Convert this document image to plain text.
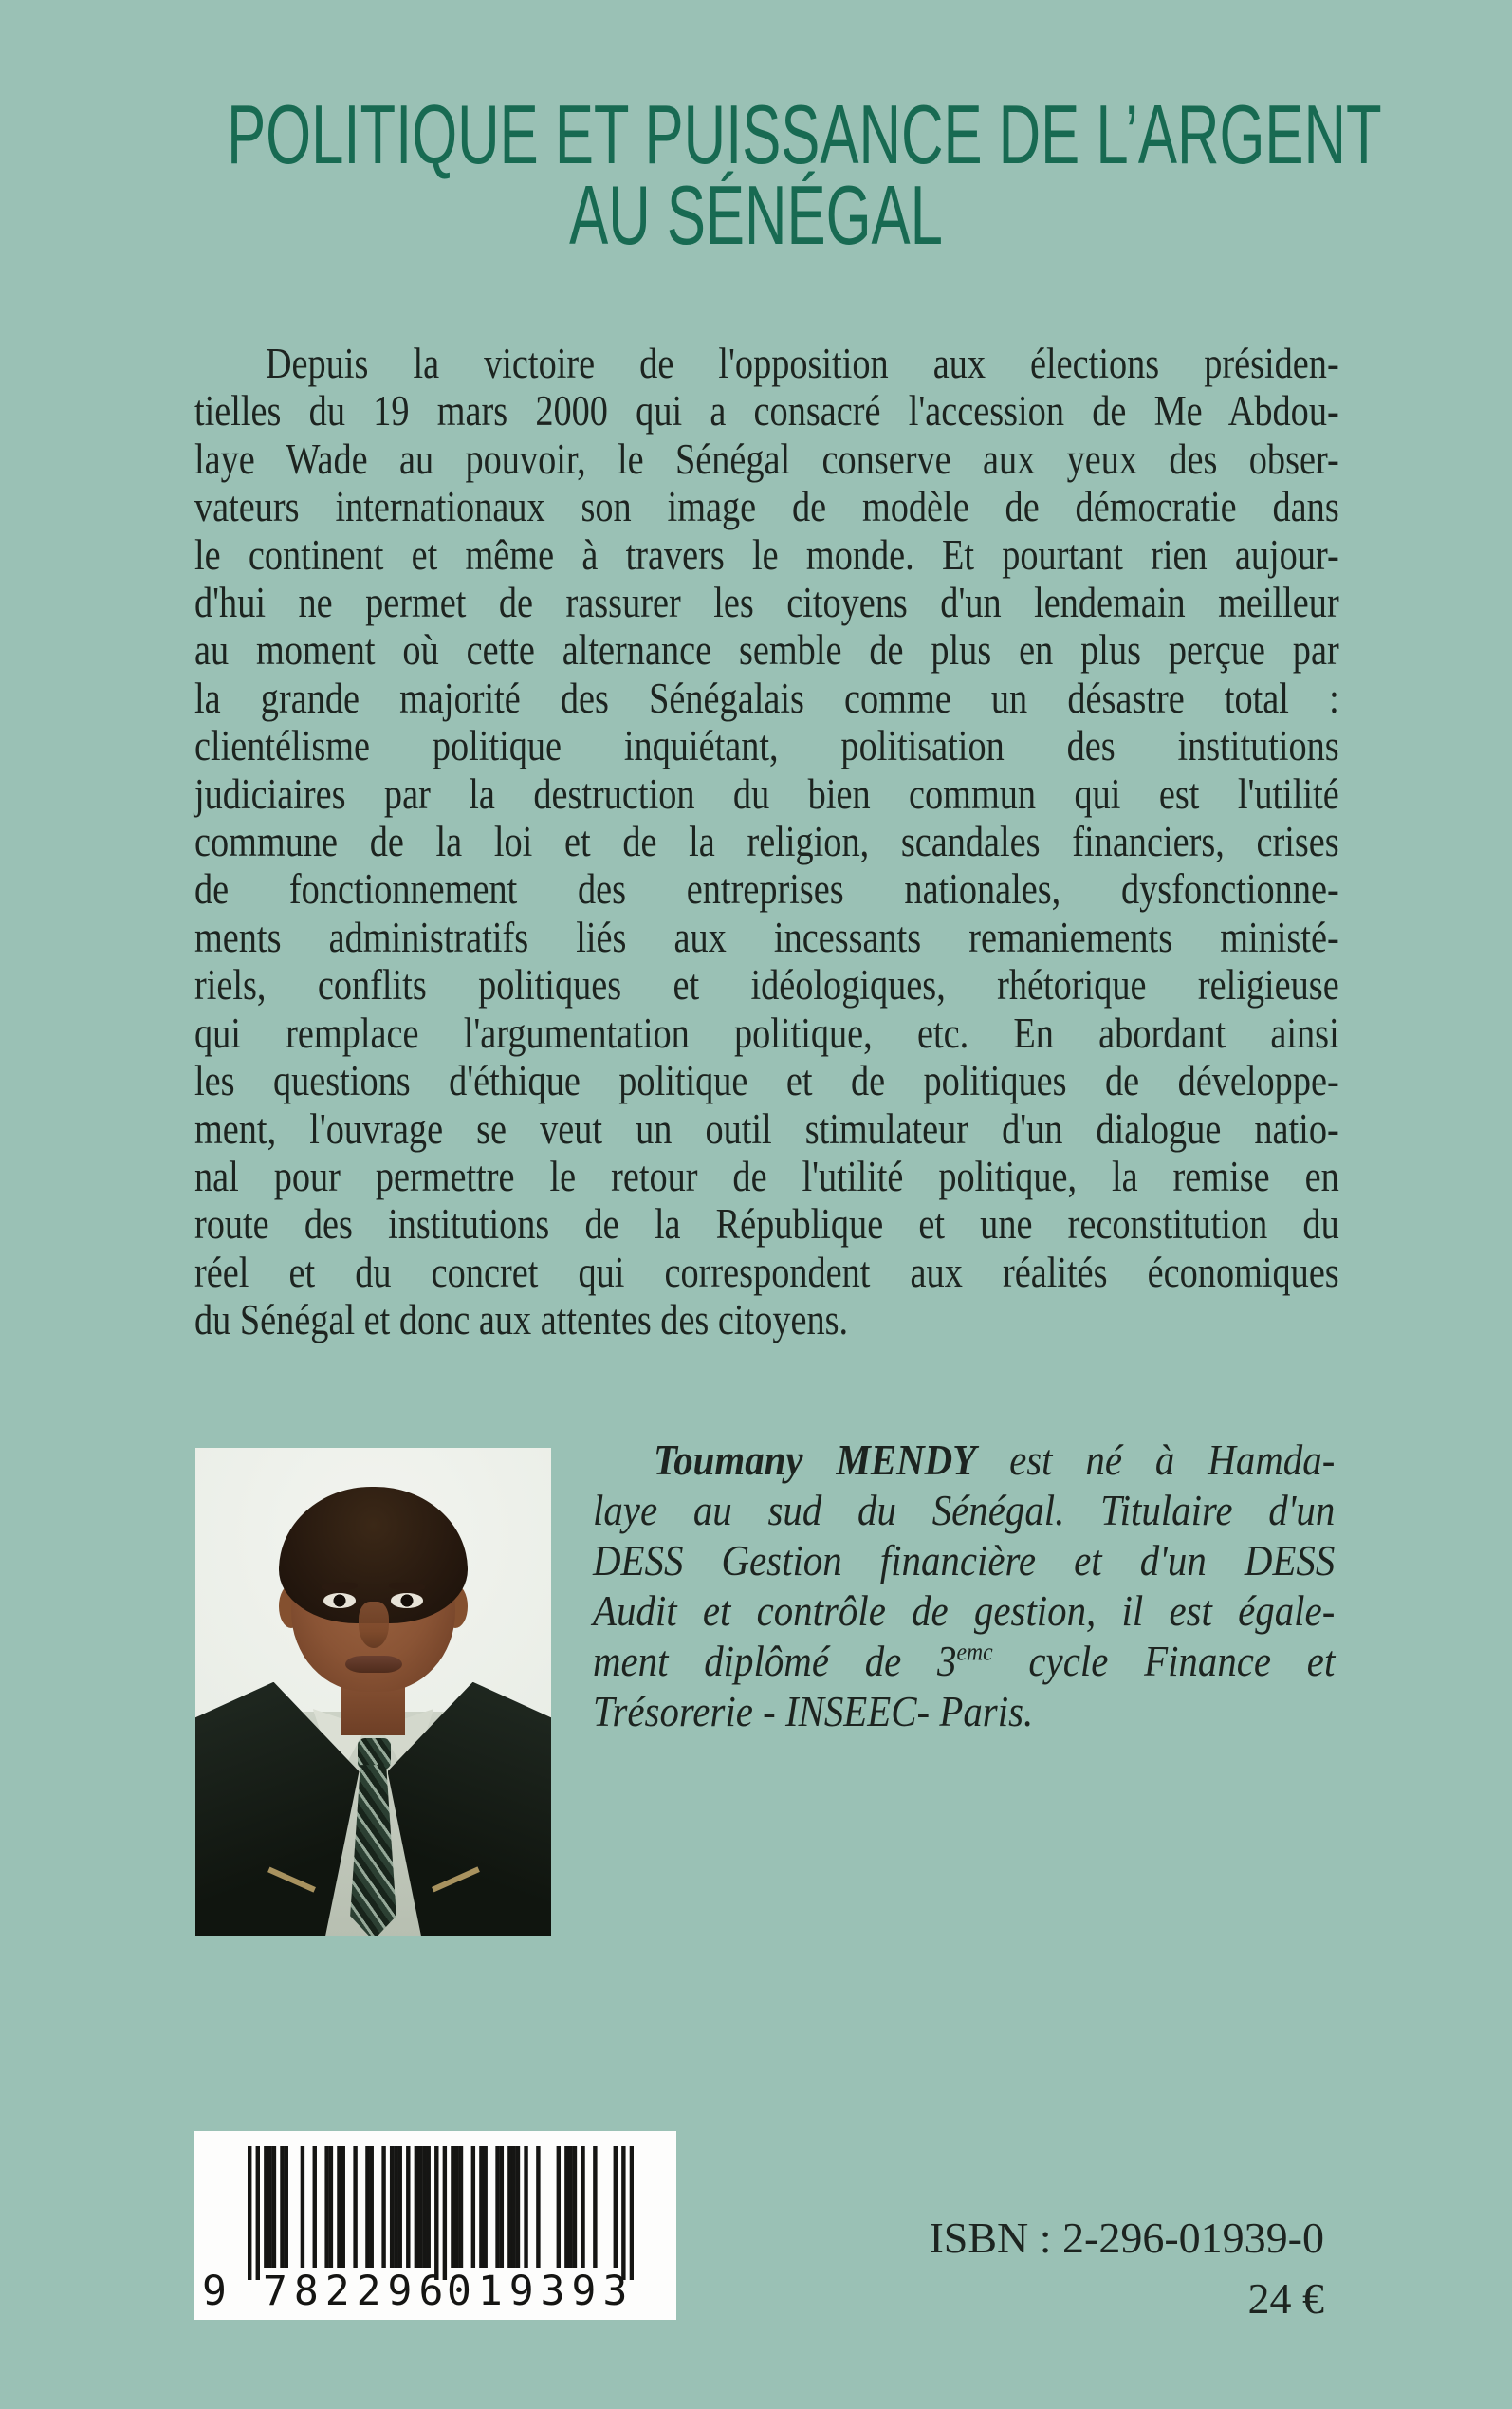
POLITIQUE ET PUISSANCE DE L’ARGENT
AU SÉNÉGAL
Depuis la victoire de l'opposition aux élections présiden-
tielles du 19 mars 2000 qui a consacré l'accession de Me Abdou-
laye Wade au pouvoir, le Sénégal conserve aux yeux des obser-
vateurs internationaux son image de modèle de démocratie dans
le continent et même à travers le monde. Et pourtant rien aujour-
d'hui ne permet de rassurer les citoyens d'un lendemain meilleur
au moment où cette alternance semble de plus en plus perçue par
la grande majorité des Sénégalais comme un désastre total :
clientélisme politique inquiétant, politisation des institutions
judiciaires par la destruction du bien commun qui est l'utilité
commune de la loi et de la religion, scandales financiers, crises
de fonctionnement des entreprises nationales, dysfonctionne-
ments administratifs liés aux incessants remaniements ministé-
riels, conflits politiques et idéologiques, rhétorique religieuse
qui remplace l'argumentation politique, etc. En abordant ainsi
les questions d'éthique politique et de politiques de développe-
ment, l'ouvrage se veut un outil stimulateur d'un dialogue natio-
nal pour permettre le retour de l'utilité politique, la remise en
route des institutions de la République et une reconstitution du
réel et du concret qui correspondent aux réalités économiques
du Sénégal et donc aux attentes des citoyens.
Toumany MENDY est né à Hamda-
laye au sud du Sénégal. Titulaire d'un
DESS Gestion financière et d'un DESS
Audit et contrôle de gestion, il est égale-
ment diplômé de $3^{emc}$ cycle Finance et
Trésorerie - INSEEC- Paris.
9 782296
019393
ISBN : 2-296-01939-0
24 €
